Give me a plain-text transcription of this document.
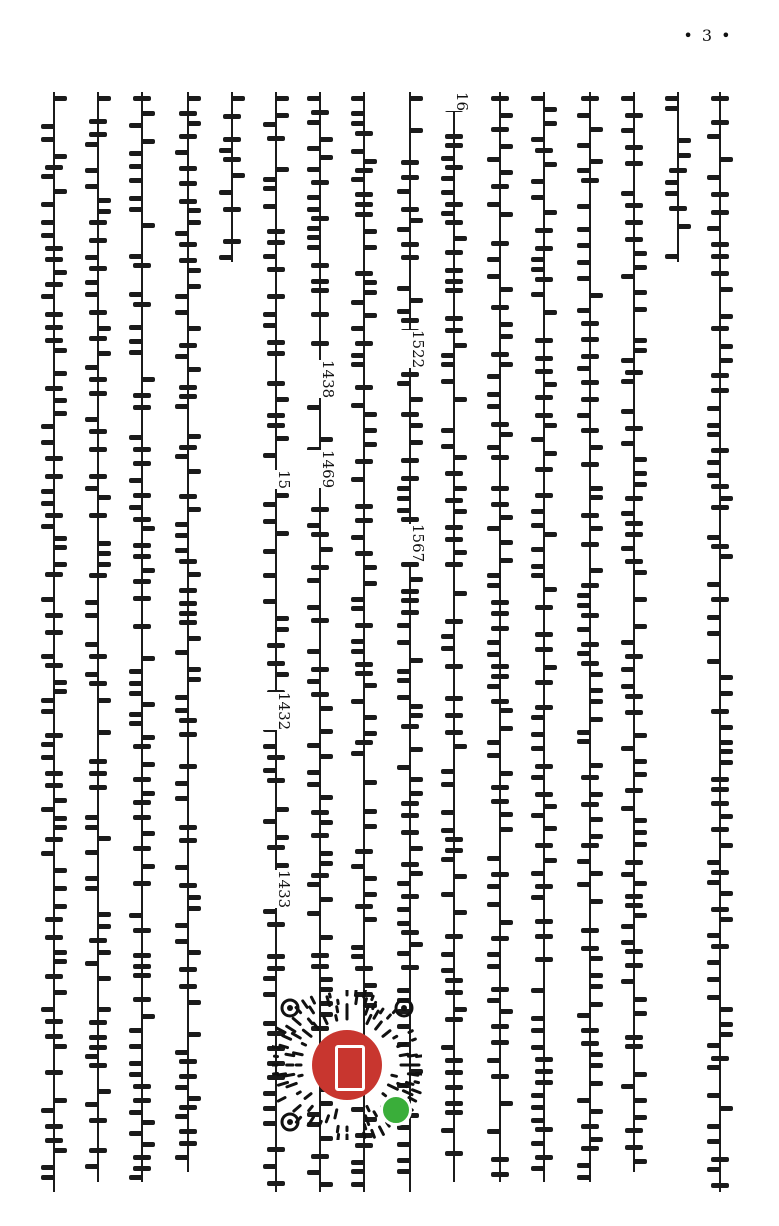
• 3 •
1522
1567
1438
1469
15
1432
1433
16
